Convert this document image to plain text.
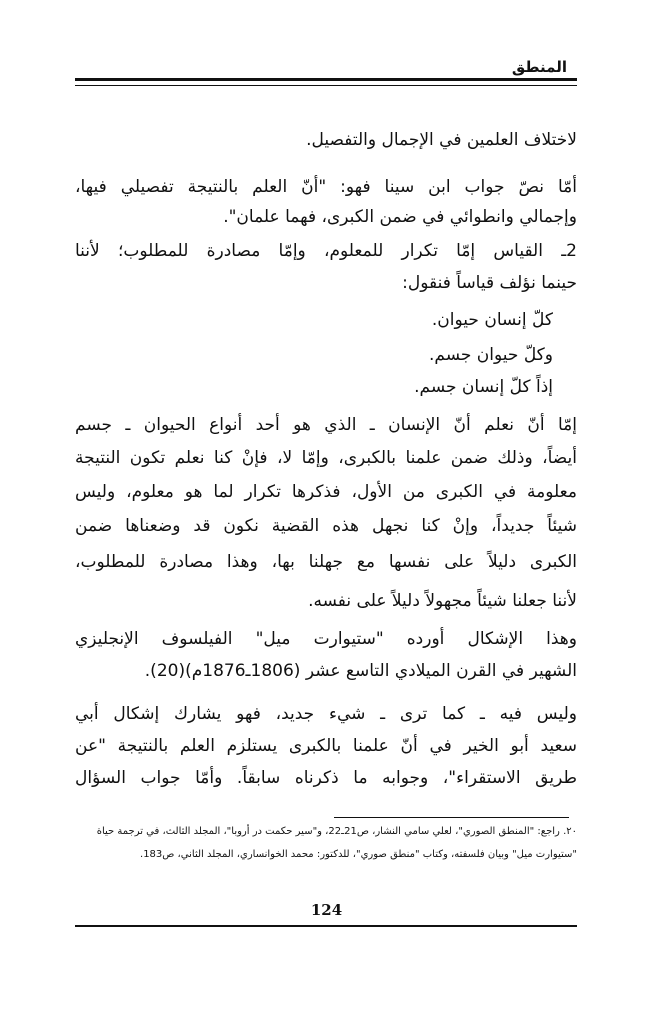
المنطق
لاختلاف العلمين في الإجمال والتفصيل.
أمّا نصّ جواب ابن سينا فهو: "أنّ العلم بالنتيجة تفصيلي فيها،
وإجمالي وانطوائي في ضمن الكبرى، فهما علمان".
2ـ القياس إمّا تكرار للمعلوم، وإمّا مصادرة للمطلوب؛ لأننا
حينما نؤلف قياساً فنقول:
كلّ إنسان حيوان.
وكلّ حيوان جسم.
إذاً كلّ إنسان جسم.
إمّا أنّ نعلم أنّ الإنسان ـ الذي هو أحد أنواع الحيوان ـ جسم
أيضاً، وذلك ضمن علمنا بالكبرى، وإمّا لا، فإنْ كنا نعلم تكون النتيجة
معلومة في الكبرى من الأول، فذكرها تكرار لما هو معلوم، وليس
شيئاً جديداً، وإنْ كنا نجهل هذه القضية نكون قد وضعناها ضمن
الكبرى دليلاً على نفسها مع جهلنا بها، وهذا مصادرة للمطلوب،
لأننا جعلنا شيئاً مجهولاً دليلاً على نفسه.
وهذا الإشكال أورده "ستيوارت ميل" الفيلسوف الإنجليزي
الشهير في القرن الميلادي التاسع عشر (1806ـ1876م)(20).
وليس فيه ـ كما ترى ـ شيء جديد، فهو يشارك إشكال أبي
سعيد أبو الخير في أنّ علمنا بالكبرى يستلزم العلم بالنتيجة "عن
طريق الاستقراء"، وجوابه ما ذكرناه سابقاً. وأمّا جواب السؤال
٢٠. راجع: "المنطق الصوري"، لعلي سامي النشار، ص21ـ22، و"سير حكمت در أروبا"، المجلد الثالث، في ترجمة حياة
"ستيوارت ميل" وبيان فلسفته، وكتاب "منطق صوري"، للدكتور: محمد الخوانساري، المجلد الثاني، ص183.
124
